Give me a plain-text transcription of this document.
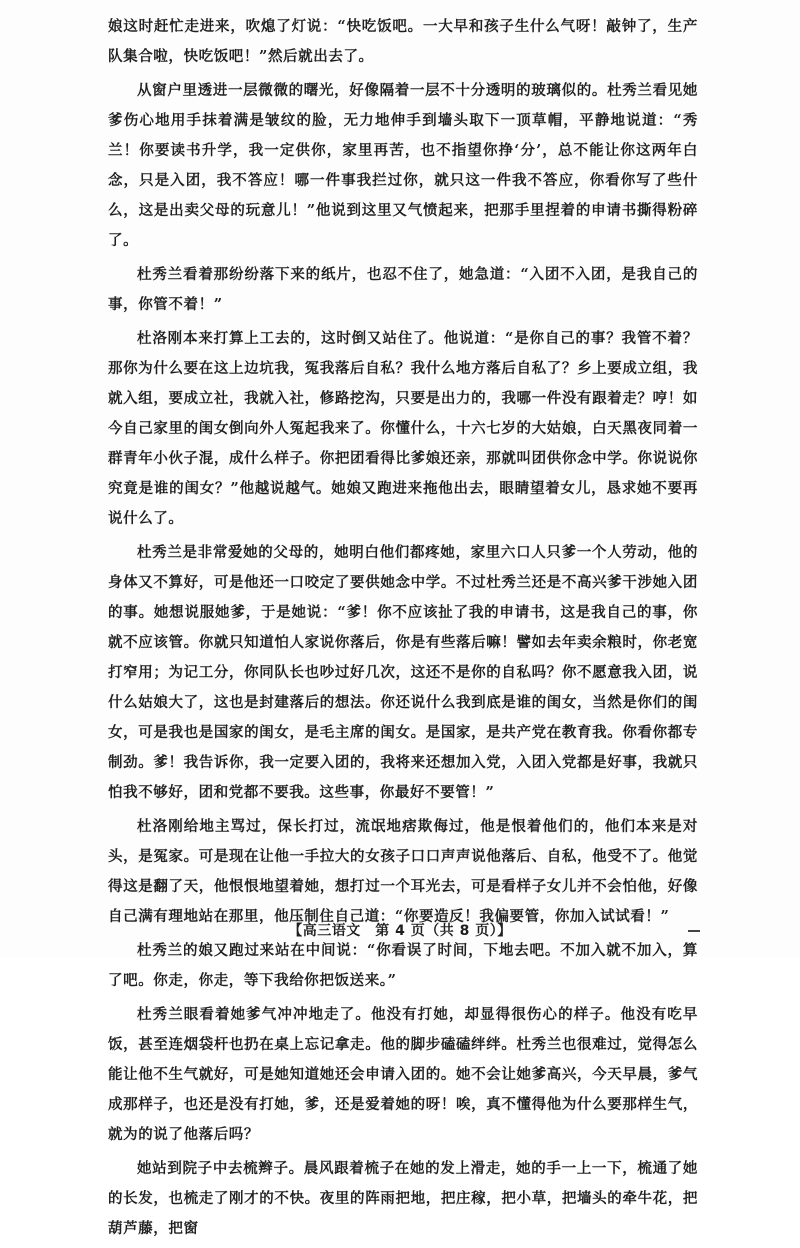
娘这时赶忙走进来，吹熄了灯说：“快吃饭吧。一大早和孩子生什么气呀！敲钟了，生产队集合啦，快吃饭吧！”然后就出去了。

从窗户里透进一层微微的曙光，好像隔着一层不十分透明的玻璃似的。杜秀兰看见她爹伤心地用手抹着满是皱纹的脸，无力地伸手到墙头取下一顶草帽，平静地说道：“秀兰！你要读书升学，我一定供你，家里再苦，也不指望你挣‘分’，总不能让你这两年白念，只是入团，我不答应！哪一件事我拦过你，就只这一件我不答应，你看你写了些什么，这是出卖父母的玩意儿！”他说到这里又气愤起来，把那手里捏着的申请书撕得粉碎了。

杜秀兰看着那纷纷落下来的纸片，也忍不住了，她急道：“入团不入团，是我自己的事，你管不着！”

杜洛刚本来打算上工去的，这时倒又站住了。他说道：“是你自己的事？我管不着？那你为什么要在这上边坑我，冤我落后自私？我什么地方落后自私了？乡上要成立组，我就入组，要成立社，我就入社，修路挖沟，只要是出力的，我哪一件没有跟着走？哼！如今自己家里的闺女倒向外人冤起我来了。你懂什么，十六七岁的大姑娘，白天黑夜同着一群青年小伙子混，成什么样子。你把团看得比爹娘还亲，那就叫团供你念中学。你说说你究竟是谁的闺女？”他越说越气。她娘又跑进来拖他出去，眼睛望着女儿，恳求她不要再说什么了。

杜秀兰是非常爱她的父母的，她明白他们都疼她，家里六口人只爹一个人劳动，他的身体又不算好，可是他还一口咬定了要供她念中学。不过杜秀兰还是不高兴爹干涉她入团的事。她想说服她爹，于是她说：“爹！你不应该扯了我的申请书，这是我自己的事，你就不应该管。你就只知道怕人家说你落后，你是有些落后嘛！譬如去年卖余粮时，你老宽打窄用；为记工分，你同队长也吵过好几次，这还不是你的自私吗？你不愿意我入团，说什么姑娘大了，这也是封建落后的想法。你还说什么我到底是谁的闺女，当然是你们的闺女，可是我也是国家的闺女，是毛主席的闺女。是国家，是共产党在教育我。你看你都专制劲。爹！我告诉你，我一定要入团的，我将来还想加入党，入团入党都是好事，我就只怕我不够好，团和党都不要我。这些事，你最好不要管！”

杜洛刚给地主骂过，保长打过，流氓地痞欺侮过，他是恨着他们的，他们本来是对头，是冤家。可是现在让他一手拉大的女孩子口口声声说他落后、自私，他受不了。他觉得这是翻了天，他恨恨地望着她，想打过一个耳光去，可是看样子女儿并不会怕他，好像自己满有理地站在那里，他压制住自己道：“你要造反！我偏要管，你加入试试看！”

杜秀兰的娘又跑过来站在中间说：“你看误了时间，下地去吧。不加入就不加入，算了吧。你走，你走，等下我给你把饭送来。”

杜秀兰眼看着她爹气冲冲地走了。他没有打她，却显得很伤心的样子。他没有吃早饭，甚至连烟袋杆也扔在桌上忘记拿走。他的脚步磕磕绊绊。杜秀兰也很难过，觉得怎么能让他不生气就好，可是她知道她还会申请入团的。她不会让她爹高兴，今天早晨，爹气成那样子，也还是没有打她，爹，还是爱着她的呀！唉，真不懂得他为什么要那样生气，就为的说了他落后吗？

她站到院子中去梳辫子。晨风跟着梳子在她的发上滑走，她的手一上一下，梳通了她的长发，也梳走了刚才的不快。夜里的阵雨把地，把庄稼，把小草，把墙头的牵牛花，把葫芦藤，把窗

【高三语文　第 4 页（共 8 页）】
